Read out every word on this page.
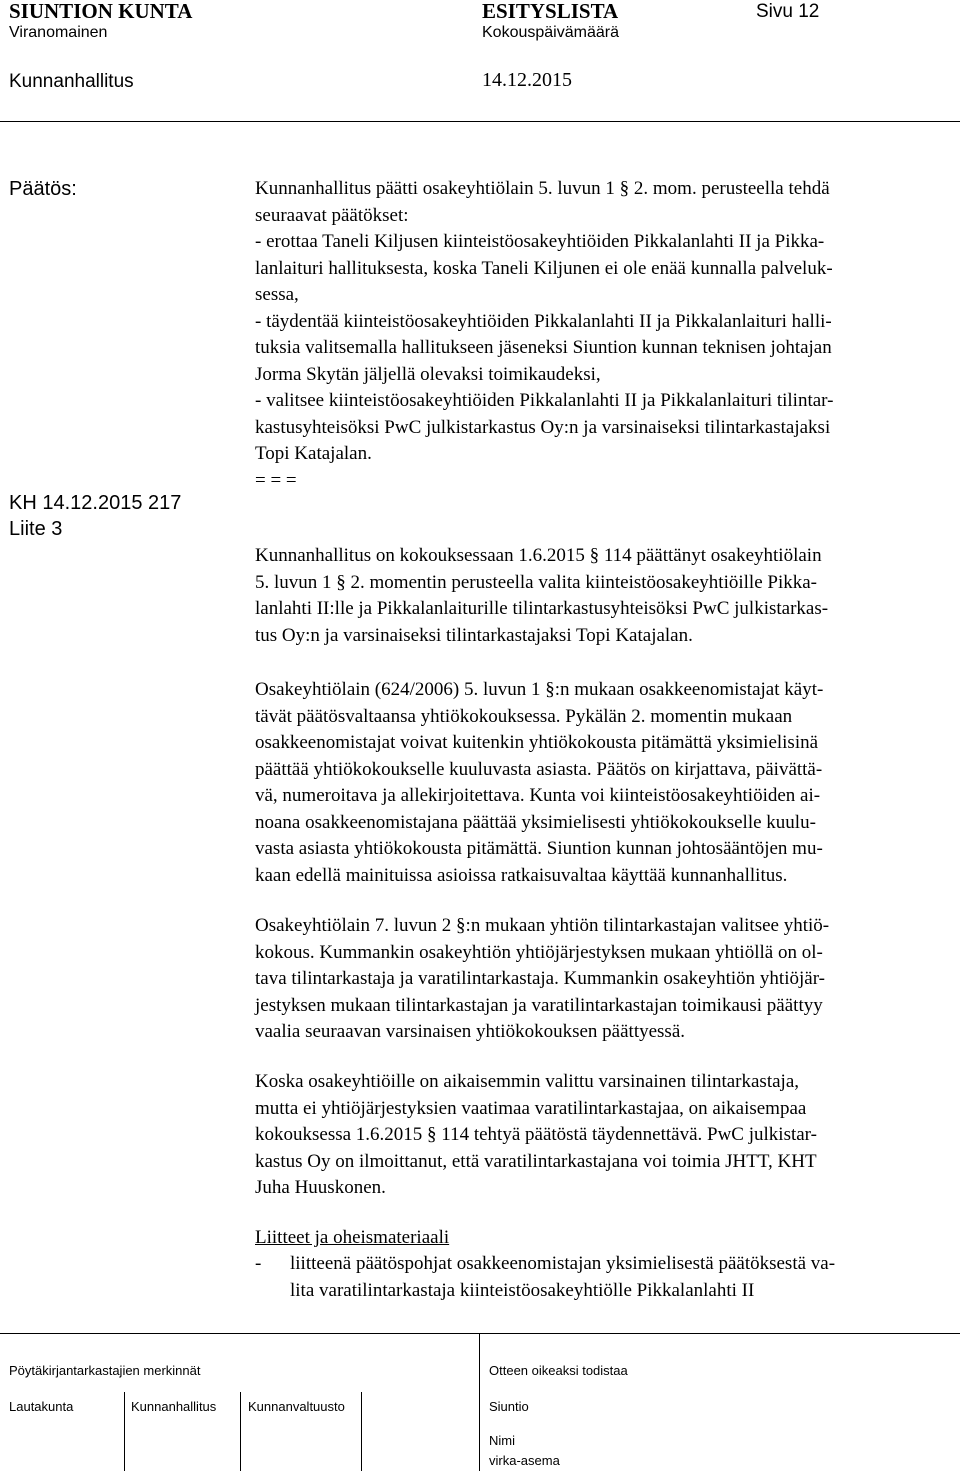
SIUNTION KUNTA	ESITYSLISTA	Sivu 12
Viranomainen	Kokouspäivämäärä
Kunnanhallitus	14.12.2015
Päätös:
KH 14.12.2015 217
Liite 3
Kunnanhallitus päätti osakeyhtiölain 5. luvun 1 § 2. mom. perusteella tehdä
seuraavat päätökset:
- erottaa Taneli Kiljusen kiinteistöosakeyhtiöiden Pikkalanlahti II ja Pikka-
lanlaituri hallituksesta, koska Taneli Kiljunen ei ole enää kunnalla palveluk-
sessa,
- täydentää kiinteistöosakeyhtiöiden Pikkalanlahti II ja Pikkalanlaituri halli-
tuksia valitsemalla hallitukseen jäseneksi Siuntion kunnan teknisen johtajan
Jorma Skytän jäljellä olevaksi toimikaudeksi,
- valitsee kiinteistöosakeyhtiöiden Pikkalanlahti II ja Pikkalanlaituri tilintar-
kastusyhteisöksi PwC julkistarkastus Oy:n ja varsinaiseksi tilintarkastajaksi
Topi Katajalan.
= = =
Kunnanhallitus on kokouksessaan 1.6.2015 § 114 päättänyt osakeyhtiölain
5. luvun 1 § 2. momentin perusteella valita kiinteistöosakeyhtiöille Pikka-
lanlahti II:lle ja Pikkalanlaiturille tilintarkastusyhteisöksi PwC julkistarkas-
tus Oy:n ja varsinaiseksi tilintarkastajaksi Topi Katajalan.
Osakeyhtiölain (624/2006) 5. luvun 1 §:n mukaan osakkeenomistajat käyt-
tävät päätösvaltaansa yhtiökokouksessa. Pykälän 2. momentin mukaan
osakkeenomistajat voivat kuitenkin yhtiökokousta pitämättä yksimielisinä
päättää yhtiökokoukselle kuuluvasta asiasta. Päätös on kirjattava, päivättä-
vä, numeroitava ja allekirjoitettava. Kunta voi kiinteistöosakeyhtiöiden ai-
noana osakkeenomistajana päättää yksimielisesti yhtiökokoukselle kuulu-
vasta asiasta yhtiökokousta pitämättä. Siuntion kunnan johtosääntöjen mu-
kaan edellä mainituissa asioissa ratkaisuvaltaa käyttää kunnanhallitus.
Osakeyhtiölain 7. luvun 2 §:n mukaan yhtiön tilintarkastajan valitsee yhtiö-
kokous. Kummankin osakeyhtiön yhtiöjärjestyksen mukaan yhtiöllä on ol-
tava tilintarkastaja ja varatilintarkastaja. Kummankin osakeyhtiön yhtiöjär-
jestyksen mukaan tilintarkastajan ja varatilintarkastajan toimikausi päättyy
vaalia seuraavan varsinaisen yhtiökokouksen päättyessä.
Koska osakeyhtiöille on aikaisemmin valittu varsinainen tilintarkastaja,
mutta ei yhtiöjärjestyksien vaatimaa varatilintarkastajaa, on aikaisempaa
kokouksessa 1.6.2015 § 114 tehtyä päätöstä täydennettävä. PwC julkistar-
kastus Oy on ilmoittanut, että varatilintarkastajana voi toimia JHTT, KHT
Juha Huuskonen.
Liitteet ja oheismateriaali
- liitteenä päätöspohjat osakkeenomistajan yksimielisestä päätöksestä va-
lita varatilintarkastaja kiinteistöosakeyhtiölle Pikkalanlahti II
Pöytäkirjantarkastajien merkinnät	Otteen oikeaksi todistaa
Lautakunta	Kunnanhallitus Kunnanvaltuusto	Siuntio
Nimi
virka-asema
